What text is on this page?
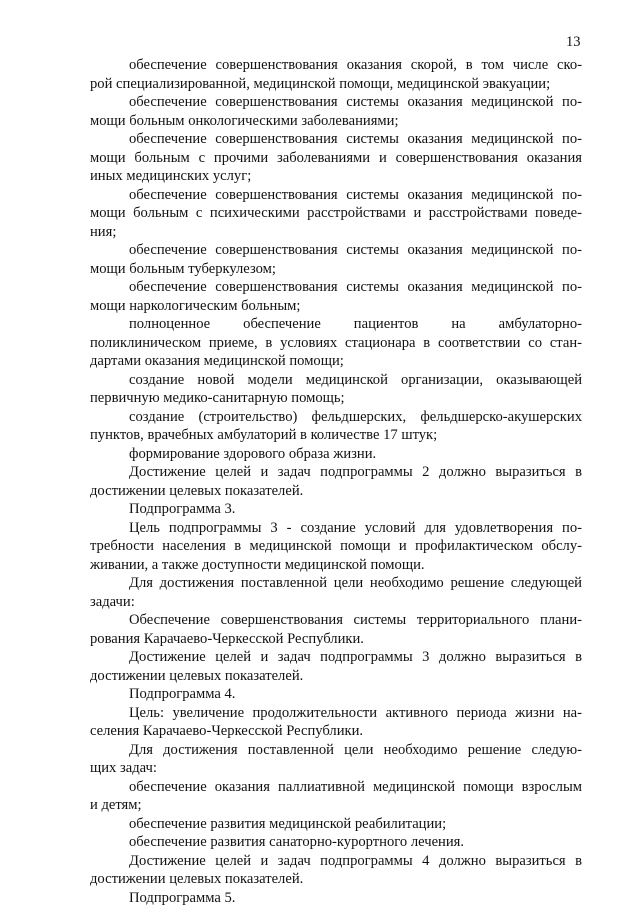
13
обеспечение совершенствования оказания скорой, в том числе ско-
рой специализированной, медицинской помощи, медицинской эвакуации;
обеспечение совершенствования системы оказания медицинской по-
мощи больным онкологическими заболеваниями;
обеспечение совершенствования системы оказания медицинской по-
мощи больным с прочими заболеваниями и совершенствования оказания
иных медицинских услуг;
обеспечение совершенствования системы оказания медицинской по-
мощи больным с психическими расстройствами и расстройствами поведе-
ния;
обеспечение совершенствования системы оказания медицинской по-
мощи больным туберкулезом;
обеспечение совершенствования системы оказания медицинской по-
мощи наркологическим больным;
полноценное обеспечение пациентов на амбулаторно-
поликлиническом приеме, в условиях стационара в соответствии со стан-
дартами оказания медицинской помощи;
создание новой модели медицинской организации, оказывающей
первичную медико-санитарную помощь;
создание (строительство) фельдшерских, фельдшерско-акушерских
пунктов, врачебных амбулаторий в количестве 17 штук;
формирование здорового образа жизни.
Достижение целей и задач подпрограммы 2 должно выразиться в
достижении целевых показателей.
Подпрограмма 3.
Цель подпрограммы 3 - создание условий для удовлетворения по-
требности населения в медицинской помощи и профилактическом обслу-
живании, а также доступности медицинской помощи.
Для достижения поставленной цели необходимо решение следующей
задачи:
Обеспечение совершенствования системы территориального плани-
рования Карачаево-Черкесской Республики.
Достижение целей и задач подпрограммы 3 должно выразиться в
достижении целевых показателей.
Подпрограмма 4.
Цель: увеличение продолжительности активного периода жизни на-
селения Карачаево-Черкесской Республики.
Для достижения поставленной цели необходимо решение следую-
щих задач:
обеспечение оказания паллиативной медицинской помощи взрослым
и детям;
обеспечение развития медицинской реабилитации;
обеспечение развития санаторно-курортного лечения.
Достижение целей и задач подпрограммы 4 должно выразиться в
достижении целевых показателей.
Подпрограмма 5.
